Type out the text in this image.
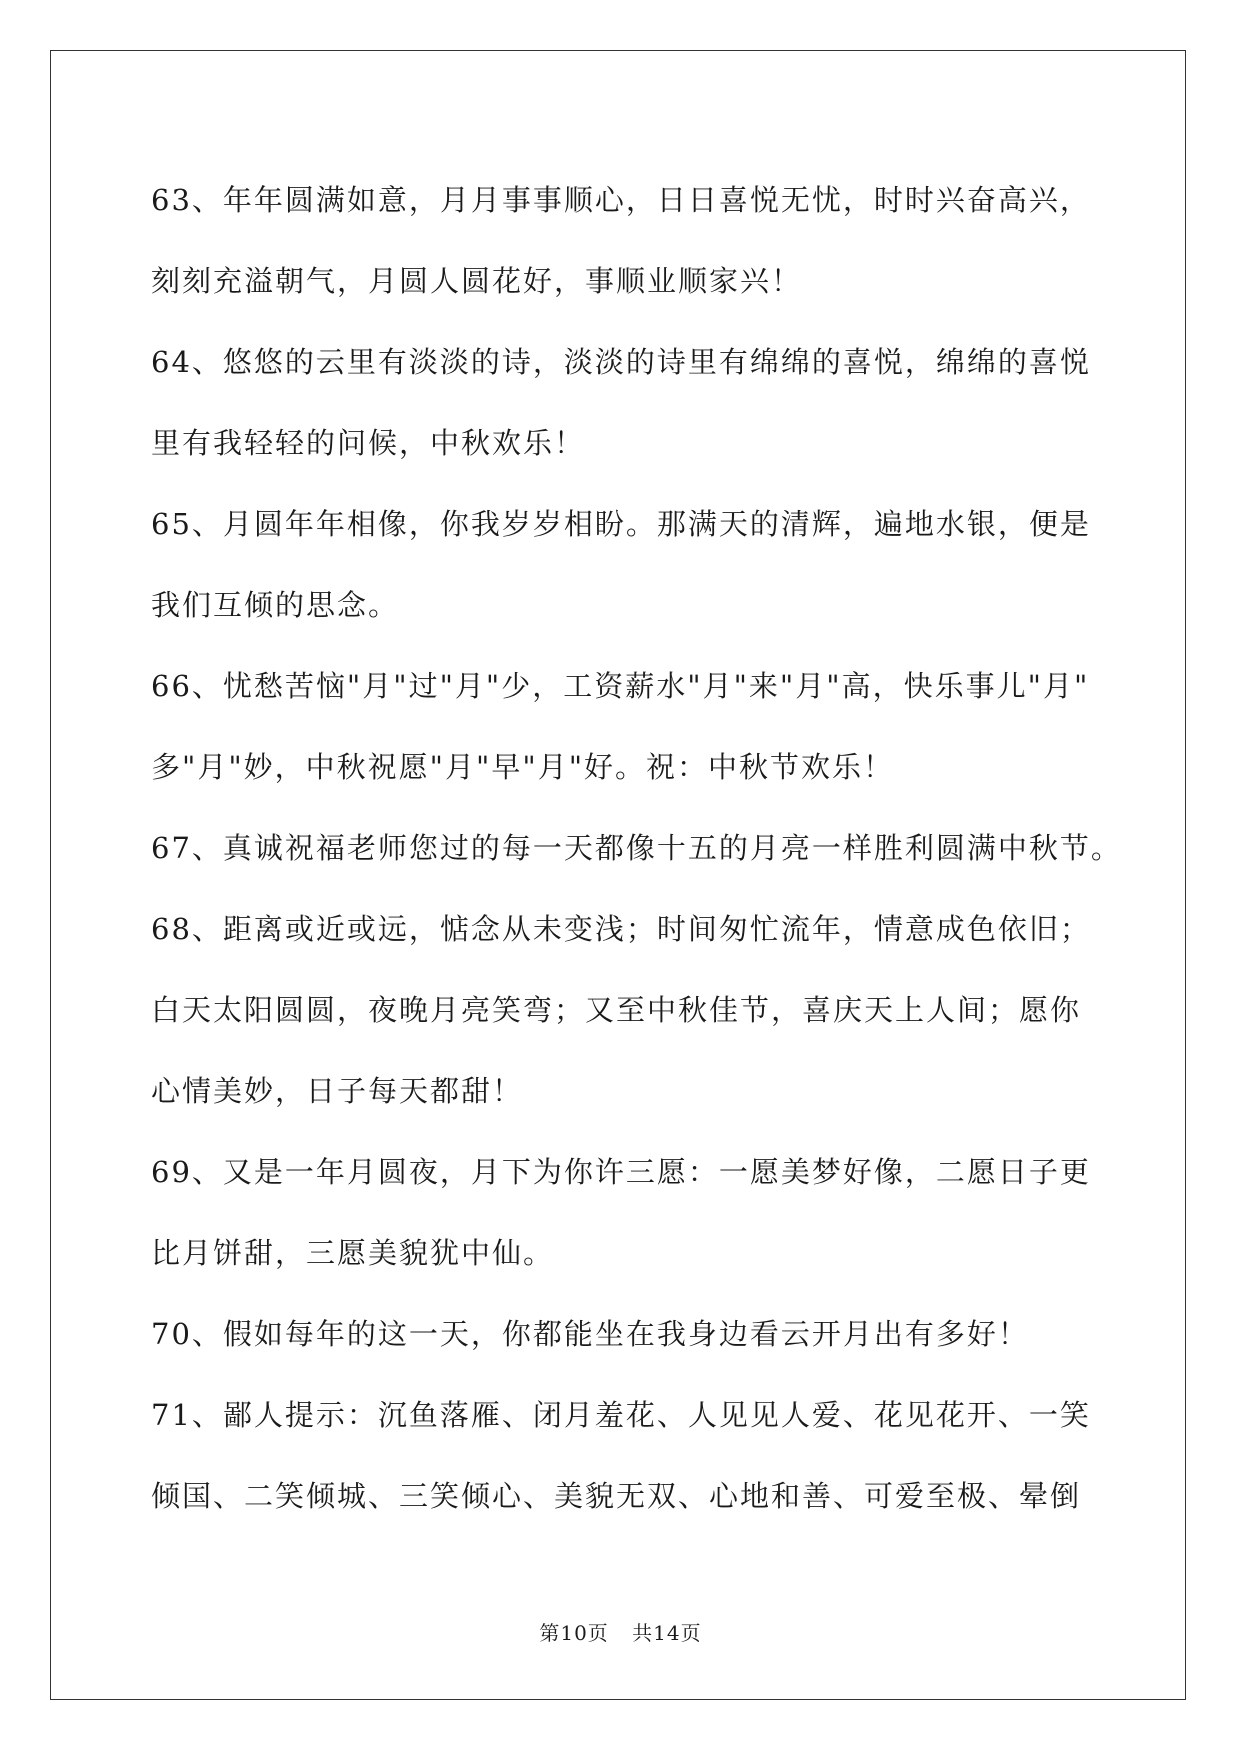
63、年年圆满如意，月月事事顺心，日日喜悦无忧，时时兴奋高兴，
刻刻充溢朝气，月圆人圆花好，事顺业顺家兴！
64、悠悠的云里有淡淡的诗，淡淡的诗里有绵绵的喜悦，绵绵的喜悦
里有我轻轻的问候，中秋欢乐！
65、月圆年年相像，你我岁岁相盼。那满天的清辉，遍地水银，便是
我们互倾的思念。
66、忧愁苦恼"月"过"月"少，工资薪水"月"来"月"高，快乐事儿"月"
多"月"妙，中秋祝愿"月"早"月"好。祝：中秋节欢乐！
67、真诚祝福老师您过的每一天都像十五的月亮一样胜利圆满中秋节。
68、距离或近或远，惦念从未变浅；时间匆忙流年，情意成色依旧；
白天太阳圆圆，夜晚月亮笑弯；又至中秋佳节，喜庆天上人间；愿你
心情美妙，日子每天都甜！
69、又是一年月圆夜，月下为你许三愿：一愿美梦好像，二愿日子更
比月饼甜，三愿美貌犹中仙。
70、假如每年的这一天，你都能坐在我身边看云开月出有多好！
71、鄙人提示：沉鱼落雁、闭月羞花、人见见人爱、花见花开、一笑
倾国、二笑倾城、三笑倾心、美貌无双、心地和善、可爱至极、晕倒
第10页 共14页
